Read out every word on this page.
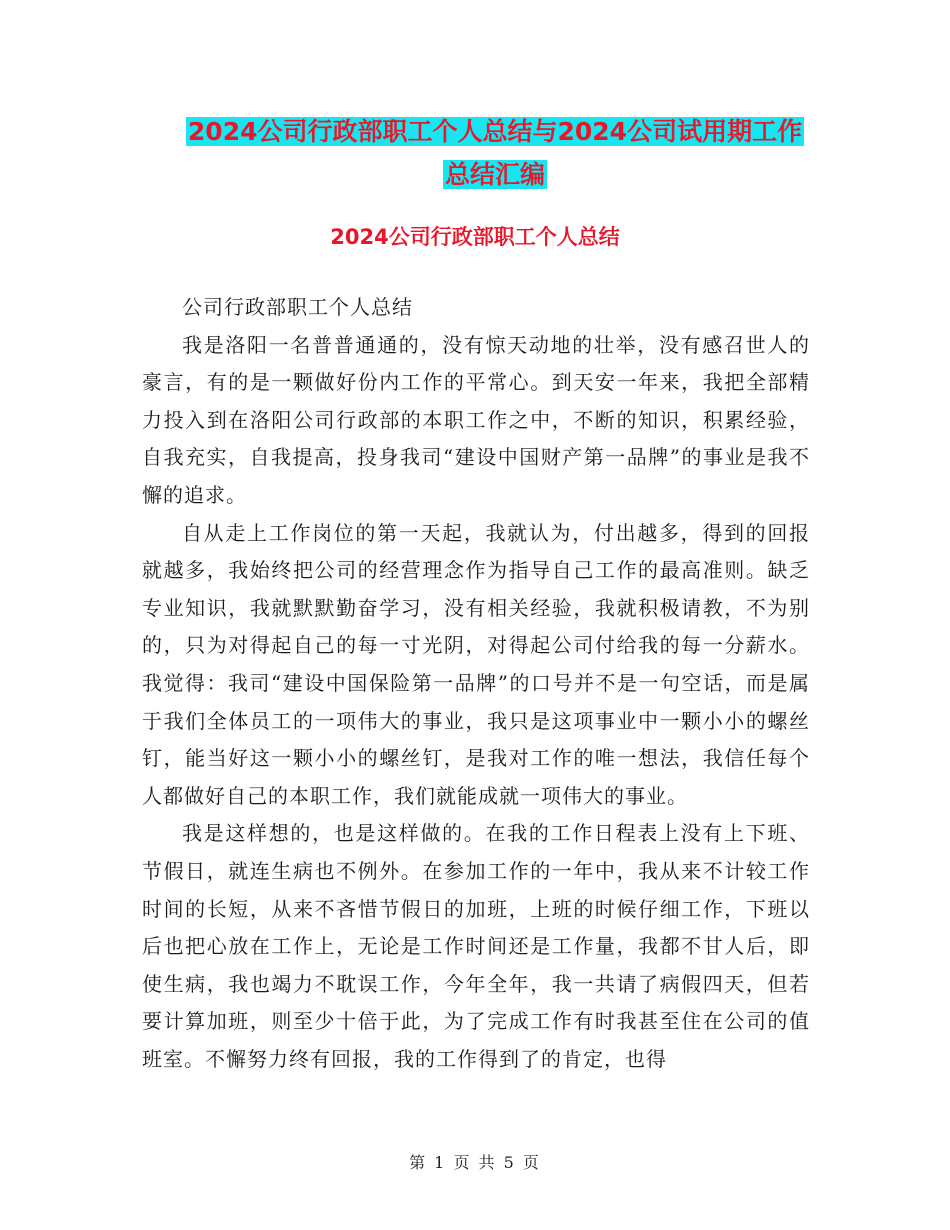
2024公司行政部职工个人总结与2024公司试用期工作
总结汇编
2024公司行政部职工个人总结

公司行政部职工个人总结

我是洛阳一名普普通通的，没有惊天动地的壮举，没有感召世人的豪言，有的是一颗做好份内工作的平常心。到天安一年来，我把全部精力投入到在洛阳公司行政部的本职工作之中，不断的知识，积累经验，自我充实，自我提高，投身我司“建设中国财产第一品牌”的事业是我不懈的追求。

自从走上工作岗位的第一天起，我就认为，付出越多，得到的回报就越多，我始终把公司的经营理念作为指导自己工作的最高准则。缺乏专业知识，我就默默勤奋学习，没有相关经验，我就积极请教，不为别的，只为对得起自己的每一寸光阴，对得起公司付给我的每一分薪水。我觉得：我司“建设中国保险第一品牌”的口号并不是一句空话，而是属于我们全体员工的一项伟大的事业，我只是这项事业中一颗小小的螺丝钉，能当好这一颗小小的螺丝钉，是我对工作的唯一想法，我信任每个人都做好自己的本职工作，我们就能成就一项伟大的事业。

我是这样想的，也是这样做的。在我的工作日程表上没有上下班、节假日，就连生病也不例外。在参加工作的一年中，我从来不计较工作时间的长短，从来不吝惜节假日的加班，上班的时候仔细工作，下班以后也把心放在工作上，无论是工作时间还是工作量，我都不甘人后，即使生病，我也竭力不耽误工作，今年全年，我一共请了病假四天，但若要计算加班，则至少十倍于此，为了完成工作有时我甚至住在公司的值班室。不懈努力终有回报，我的工作得到了的肯定，也得

第 1 页 共 5 页
